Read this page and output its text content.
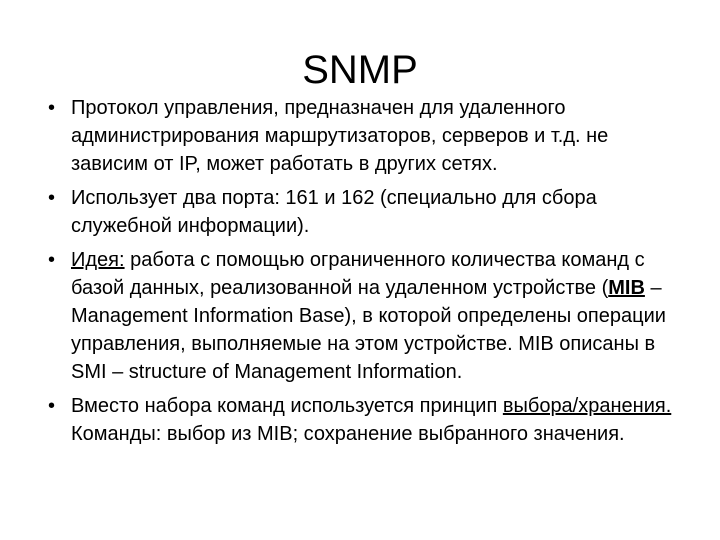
SNMP
• Протокол управления, предназначен для удаленного администрирования маршрутизаторов, серверов и т.д. не зависим от IP, может работать в других сетях.
• Использует два порта: 161 и 162 (специально для сбора служебной информации).
• Идея: работа с помощью ограниченного количества команд с базой данных, реализованной на удаленном устройстве (MIB – Management Information Base), в которой определены операции управления, выполняемые на этом устройстве. MIB описаны в SMI – structure of Management Information.
• Вместо набора команд используется принцип выбора/хранения. Команды: выбор из MIB; сохранение выбранного значения.
